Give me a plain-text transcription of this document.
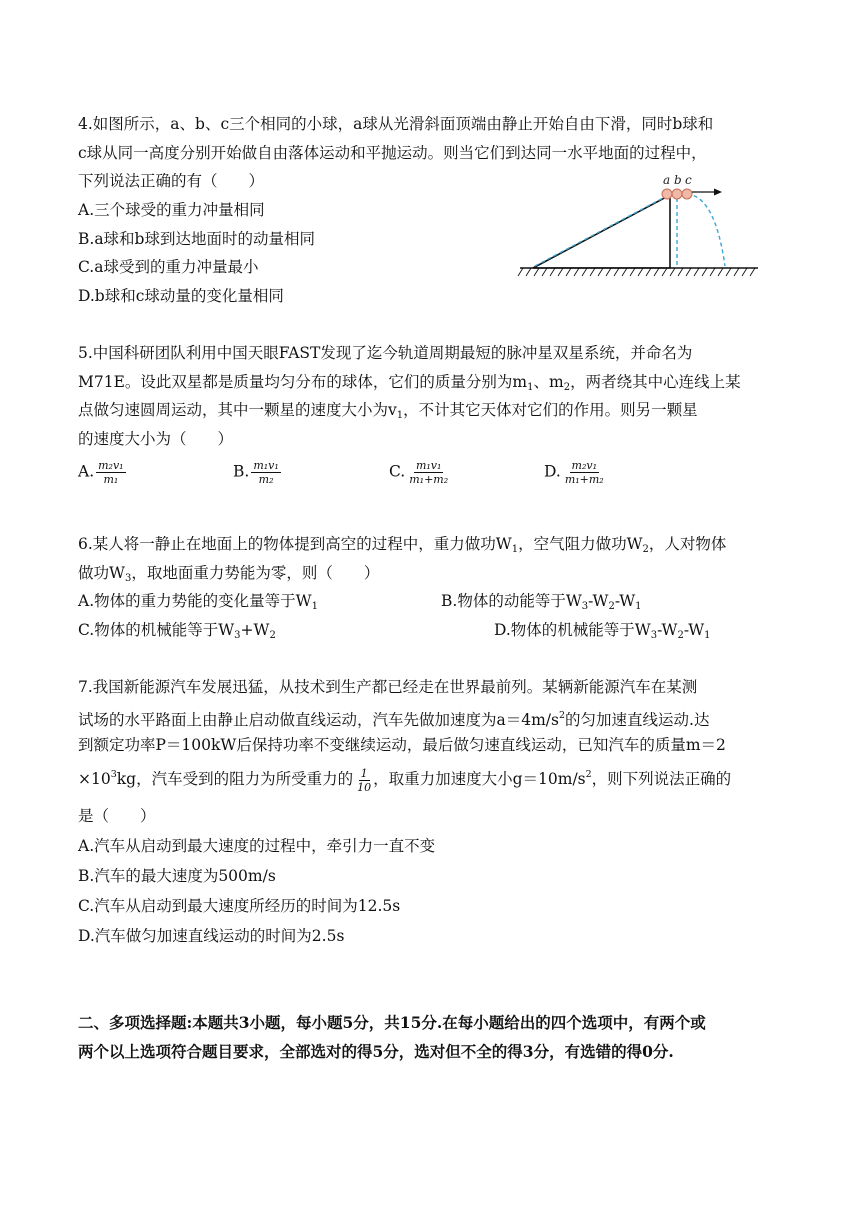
4.如图所示，a、b、c三个相同的小球，a球从光滑斜面顶端由静止开始自由下滑，同时b球和
c球从同一高度分别开始做自由落体运动和平抛运动。则当它们到达同一水平地面的过程中，
下列说法正确的有（　　）
A.三个球受的重力冲量相同
B.a球和b球到达地面时的动量相同
C.a球受到的重力冲量最小
D.b球和c球动量的变化量相同
a b c
5.中国科研团队利用中国天眼FAST发现了迄今轨道周期最短的脉冲星双星系统，并命名为
M71E。设此双星都是质量均匀分布的球体，它们的质量分别为$m_1$、$m_2$，两者绕其中心连线上某
点做匀速圆周运动，其中一颗星的速度大小为$v_1$，不计其它天体对它们的作用。则另一颗星
的速度大小为（　　）
A. $\frac{\text{m₂v₁}}{\text{m₁}}$	B. $\frac{\text{m₁v₁}}{\text{m₂}}$	C. $\frac{\text{m₁v₁}}{\text{m₁+m₂}}$	D. $\frac{\text{m₂v₁}}{\text{m₁+m₂}}$
6.某人将一静止在地面上的物体提到高空的过程中，重力做功$W_1$，空气阻力做功$W_2$，人对物体
做功$W_3$，取地面重力势能为零，则（　　）
A.物体的重力势能的变化量等于$W_1$	B.物体的动能等于$W_3-W_2-W_1$
C.物体的机械能等于$W_3+W_2$	D.物体的机械能等于$W_3-W_2-W_1$
7.我国新能源汽车发展迅猛，从技术到生产都已经走在世界最前列。某辆新能源汽车在某测
试场的水平路面上由静止启动做直线运动，汽车先做加速度为$a=4m/s^2$的匀加速直线运动.达
到额定功率P＝100kW后保持功率不变继续运动，最后做匀速直线运动，已知汽车的质量m＝2
$\times 10^3kg$，汽车受到的阻力为所受重力的 $\frac{1}{10}$ ，取重力加速度大小$g=10m/s^2$，则下列说法正确的
是（　　）
A.汽车从启动到最大速度的过程中，牵引力一直不变
B.汽车的最大速度为500m/s
C.汽车从启动到最大速度所经历的时间为12.5s
D.汽车做匀加速直线运动的时间为2.5s
二、多项选择题:本题共3小题，每小题5分，共15分.在每小题给出的四个选项中，有两个或
两个以上选项符合题目要求，全部选对的得5分，选对但不全的得3分，有选错的得0分.
